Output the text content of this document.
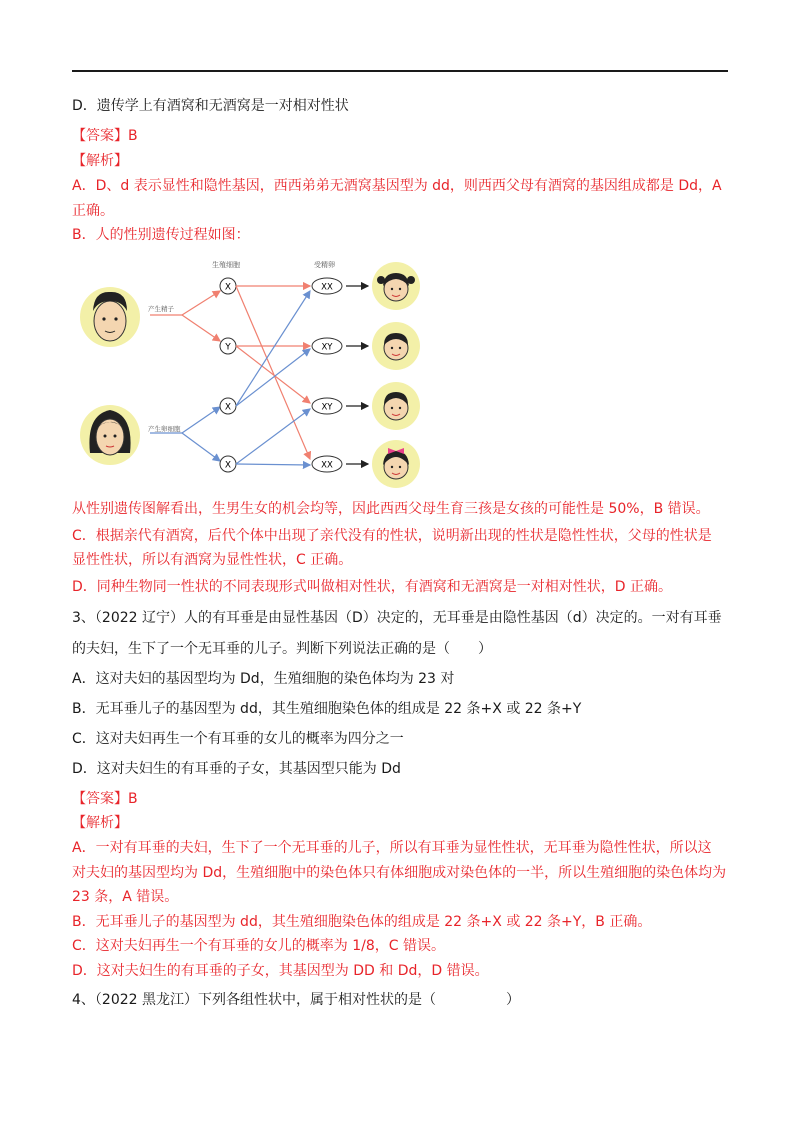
D．遗传学上有酒窝和无酒窝是一对相对性状
【答案】B
【解析】
A．D、d 表示显性和隐性基因，西西弟弟无酒窝基因型为 dd，则西西父母有酒窝的基因组成都是 Dd，A
正确。
B．人的性别遗传过程如图：
生殖细胞	受精卵
产生精子
产生卵细胞
X
Y
X
X
XX
XY
XY
XX
从性别遗传图解看出，生男生女的机会均等，因此西西父母生育三孩是女孩的可能性是 50%，B 错误。
C．根据亲代有酒窝，后代个体中出现了亲代没有的性状，说明新出现的性状是隐性性状，父母的性状是
显性性状，所以有酒窝为显性性状，C 正确。
D．同种生物同一性状的不同表现形式叫做相对性状，有酒窝和无酒窝是一对相对性状，D 正确。
3、（2022 辽宁）人的有耳垂是由显性基因（D）决定的，无耳垂是由隐性基因（d）决定的。一对有耳垂
的夫妇，生下了一个无耳垂的儿子。判断下列说法正确的是（　　）
A．这对夫妇的基因型均为 Dd，生殖细胞的染色体均为 23 对
B．无耳垂儿子的基因型为 dd，其生殖细胞染色体的组成是 22 条+X 或 22 条+Y
C．这对夫妇再生一个有耳垂的女儿的概率为四分之一
D．这对夫妇生的有耳垂的子女，其基因型只能为 Dd
【答案】B
【解析】
A．一对有耳垂的夫妇，生下了一个无耳垂的儿子，所以有耳垂为显性性状，无耳垂为隐性性状，所以这
对夫妇的基因型均为 Dd，生殖细胞中的染色体只有体细胞成对染色体的一半，所以生殖细胞的染色体均为
23 条，A 错误。
B．无耳垂儿子的基因型为 dd，其生殖细胞染色体的组成是 22 条+X 或 22 条+Y，B 正确。
C．这对夫妇再生一个有耳垂的女儿的概率为 1/8，C 错误。
D．这对夫妇生的有耳垂的子女，其基因型为 DD 和 Dd，D 错误。
4、（2022 黑龙江）下列各组性状中，属于相对性状的是（　　　　　）
